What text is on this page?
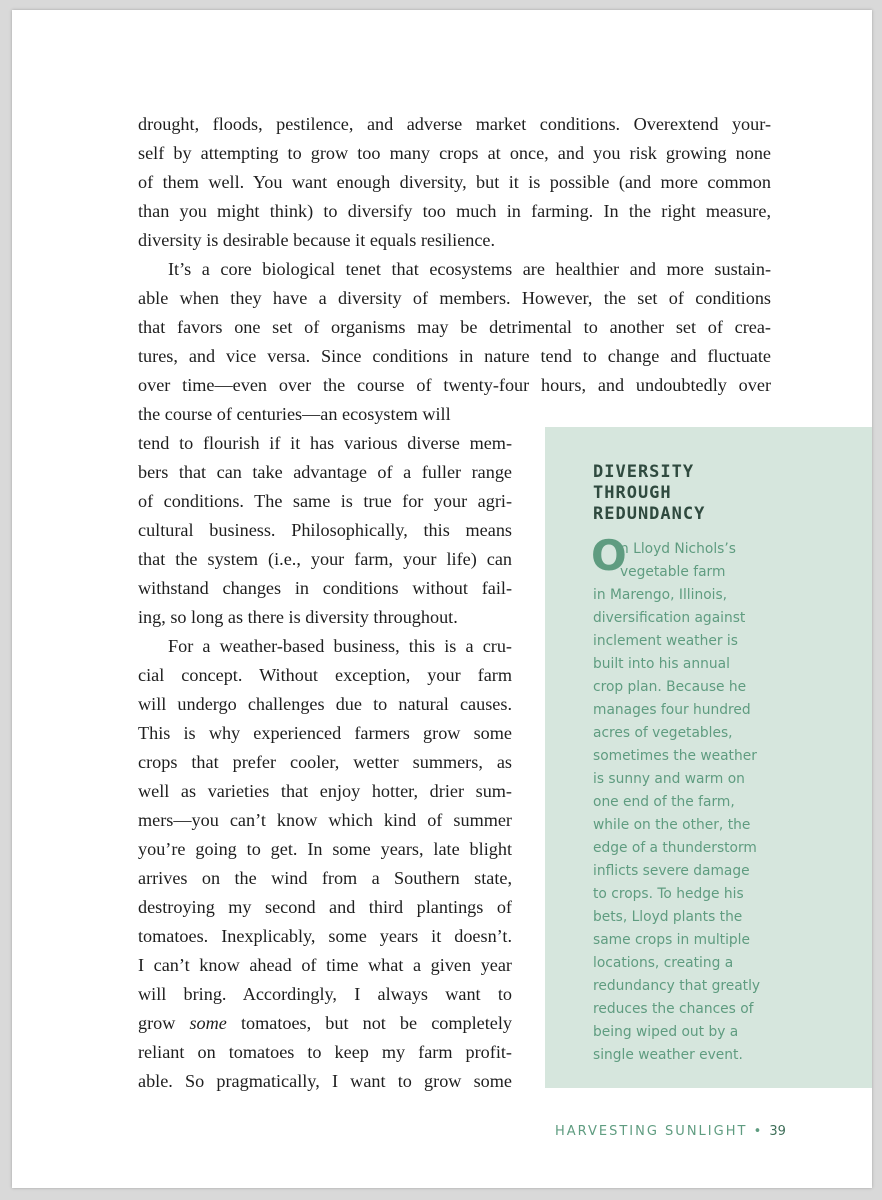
drought, floods, pestilence, and adverse market conditions. Overextend your-
self by attempting to grow too many crops at once, and you risk growing none
of them well. You want enough diversity, but it is possible (and more common
than you might think) to diversify too much in farming. In the right measure,
diversity is desirable because it equals resilience.
It’s a core biological tenet that ecosystems are healthier and more sustain-
able when they have a diversity of members. However, the set of conditions
that favors one set of organisms may be detrimental to another set of crea-
tures, and vice versa. Since conditions in nature tend to change and fluctuate
over time—even over the course of twenty-four hours, and undoubtedly over
the course of centuries—an ecosystem will
tend to flourish if it has various diverse mem-
bers that can take advantage of a fuller range
of conditions. The same is true for your agri-
cultural business. Philosophically, this means
that the system (i.e., your farm, your life) can
withstand changes in conditions without fail-
ing, so long as there is diversity throughout.
For a weather-based business, this is a cru-
cial concept. Without exception, your farm
will undergo challenges due to natural causes.
This is why experienced farmers grow some
crops that prefer cooler, wetter summers, as
well as varieties that enjoy hotter, drier sum-
mers—you can’t know which kind of summer
you’re going to get. In some years, late blight
arrives on the wind from a Southern state,
destroying my second and third plantings of
tomatoes. Inexplicably, some years it doesn’t.
I can’t know ahead of time what a given year
will bring. Accordingly, I always want to
grow some tomatoes, but not be completely
reliant on tomatoes to keep my farm profit-
able. So pragmatically, I want to grow some
DIVERSITY THROUGH REDUNDANCY
O
n Lloyd Nichols’s
vegetable farm
in Marengo, Illinois,
diversification against
inclement weather is
built into his annual
crop plan. Because he
manages four hundred
acres of vegetables,
sometimes the weather
is sunny and warm on
one end of the farm,
while on the other, the
edge of a thunderstorm
inflicts severe damage
to crops. To hedge his
bets, Lloyd plants the
same crops in multiple
locations, creating a
redundancy that greatly
reduces the chances of
being wiped out by a
single weather event.
HARVESTING SUNLIGHT • 39
